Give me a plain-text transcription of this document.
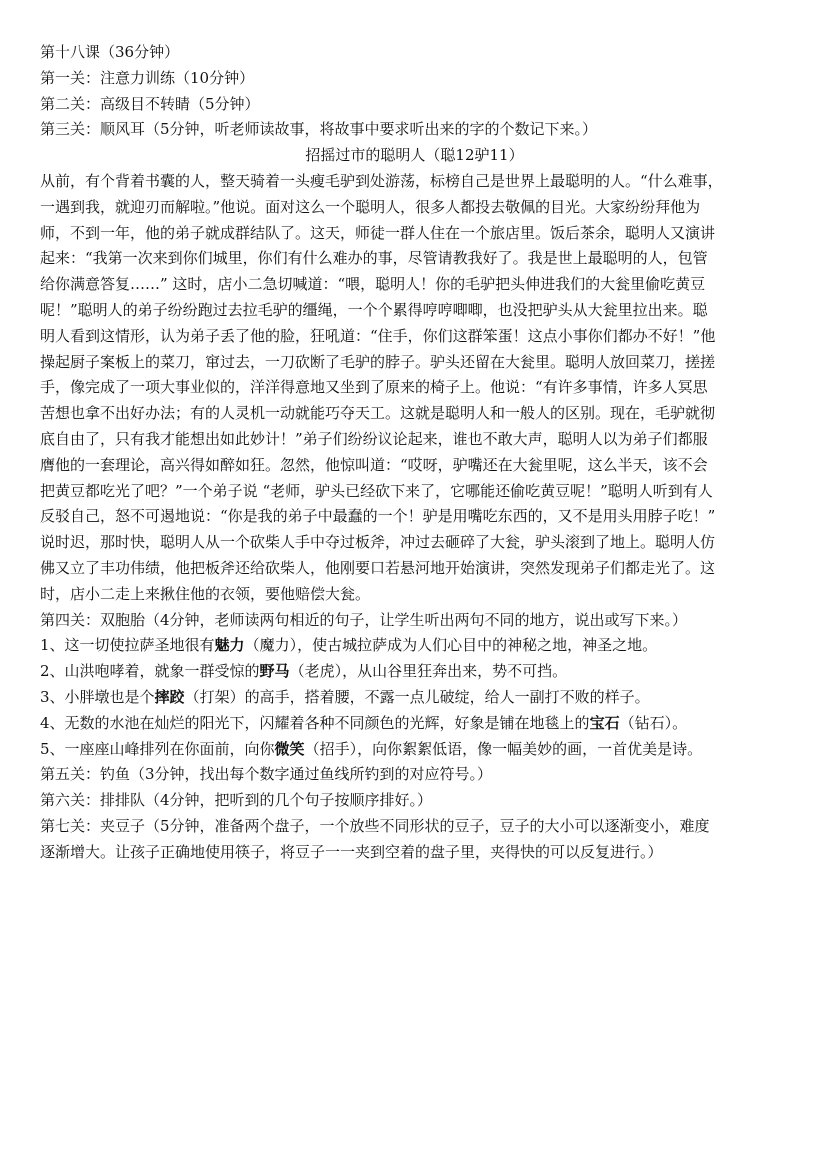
第十八课（36分钟）
第一关：注意力训练（10分钟）
第二关：高级目不转睛（5分钟）
第三关：顺风耳（5分钟，听老师读故事，将故事中要求听出来的字的个数记下来。）
招摇过市的聪明人（聪12驴11）
从前，有个背着书囊的人，整天骑着一头瘦毛驴到处游荡，标榜自己是世界上最聪明的人。“什么难事，
一遇到我，就迎刃而解啦。”他说。面对这么一个聪明人，很多人都投去敬佩的目光。大家纷纷拜他为
师，不到一年，他的弟子就成群结队了。这天，师徒一群人住在一个旅店里。饭后茶余，聪明人又演讲
起来：“我第一次来到你们城里，你们有什么难办的事，尽管请教我好了。我是世上最聪明的人，包管
给你满意答复……” 这时，店小二急切喊道：“喂，聪明人！你的毛驴把头伸进我们的大瓮里偷吃黄豆
呢！”聪明人的弟子纷纷跑过去拉毛驴的缰绳，一个个累得哼哼唧唧，也没把驴头从大瓮里拉出来。聪
明人看到这情形，认为弟子丢了他的脸，狂吼道：“住手，你们这群笨蛋！这点小事你们都办不好！”他
操起厨子案板上的菜刀，窜过去，一刀砍断了毛驴的脖子。驴头还留在大瓮里。聪明人放回菜刀，搓搓
手，像完成了一项大事业似的，洋洋得意地又坐到了原来的椅子上。他说：“有许多事情，许多人冥思
苦想也拿不出好办法；有的人灵机一动就能巧夺天工。这就是聪明人和一般人的区别。现在，毛驴就彻
底自由了，只有我才能想出如此妙计！”弟子们纷纷议论起来，谁也不敢大声，聪明人以为弟子们都服
膺他的一套理论，高兴得如醉如狂。忽然，他惊叫道：“哎呀，驴嘴还在大瓮里呢，这么半天，该不会
把黄豆都吃光了吧？”一个弟子说 “老师，驴头已经砍下来了，它哪能还偷吃黄豆呢！”聪明人听到有人
反驳自己，怒不可遏地说：“你是我的弟子中最蠢的一个！驴是用嘴吃东西的，又不是用头用脖子吃！”
说时迟，那时快，聪明人从一个砍柴人手中夺过板斧，冲过去砸碎了大瓮，驴头滚到了地上。聪明人仿
佛又立了丰功伟绩，他把板斧还给砍柴人，他刚要口若悬河地开始演讲，突然发现弟子们都走光了。这
时，店小二走上来揪住他的衣领，要他赔偿大瓮。
第四关：双胞胎（4分钟，老师读两句相近的句子，让学生听出两句不同的地方，说出或写下来。）
1、这一切使拉萨圣地很有魅力（魔力），使古城拉萨成为人们心目中的神秘之地，神圣之地。
2、山洪咆哮着，就象一群受惊的野马（老虎），从山谷里狂奔出来，势不可挡。
3、小胖墩也是个摔跤（打架）的高手，搭着腰，不露一点儿破绽，给人一副打不败的样子。
4、无数的水池在灿烂的阳光下，闪耀着各种不同颜色的光辉，好象是铺在地毯上的宝石（钻石）。
5、一座座山峰排列在你面前，向你微笑（招手），向你絮絮低语，像一幅美妙的画，一首优美是诗。
第五关：钓鱼（3分钟，找出每个数字通过鱼线所钓到的对应符号。）
第六关：排排队（4分钟，把听到的几个句子按顺序排好。）
第七关：夹豆子（5分钟，准备两个盘子，一个放些不同形状的豆子，豆子的大小可以逐渐变小，难度
逐渐增大。让孩子正确地使用筷子，将豆子一一夹到空着的盘子里，夹得快的可以反复进行。）
